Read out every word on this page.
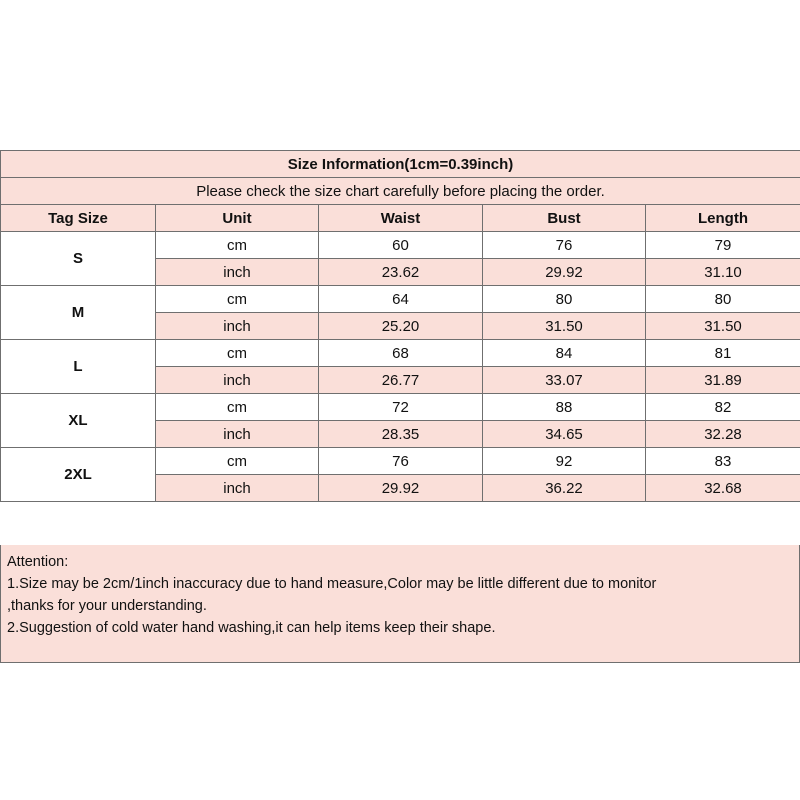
Size Information(1cm=0.39inch)				
Please check the size chart carefully before placing the order.				
Tag Size	Unit	Waist	Bust	Length
S	cm	60	76	79
	inch	23.62	29.92	31.10
M	cm	64	80	80
	inch	25.20	31.50	31.50
L	cm	68	84	81
	inch	26.77	33.07	31.89
XL	cm	72	88	82
	inch	28.35	34.65	32.28
2XL	cm	76	92	83
	inch	29.92	36.22	32.68
Attention:
1.Size may be 2cm/1inch inaccuracy due to hand measure,Color may be little different due to monitor
,thanks for your understanding.
2.Suggestion of cold water hand washing,it can help items keep their shape.
